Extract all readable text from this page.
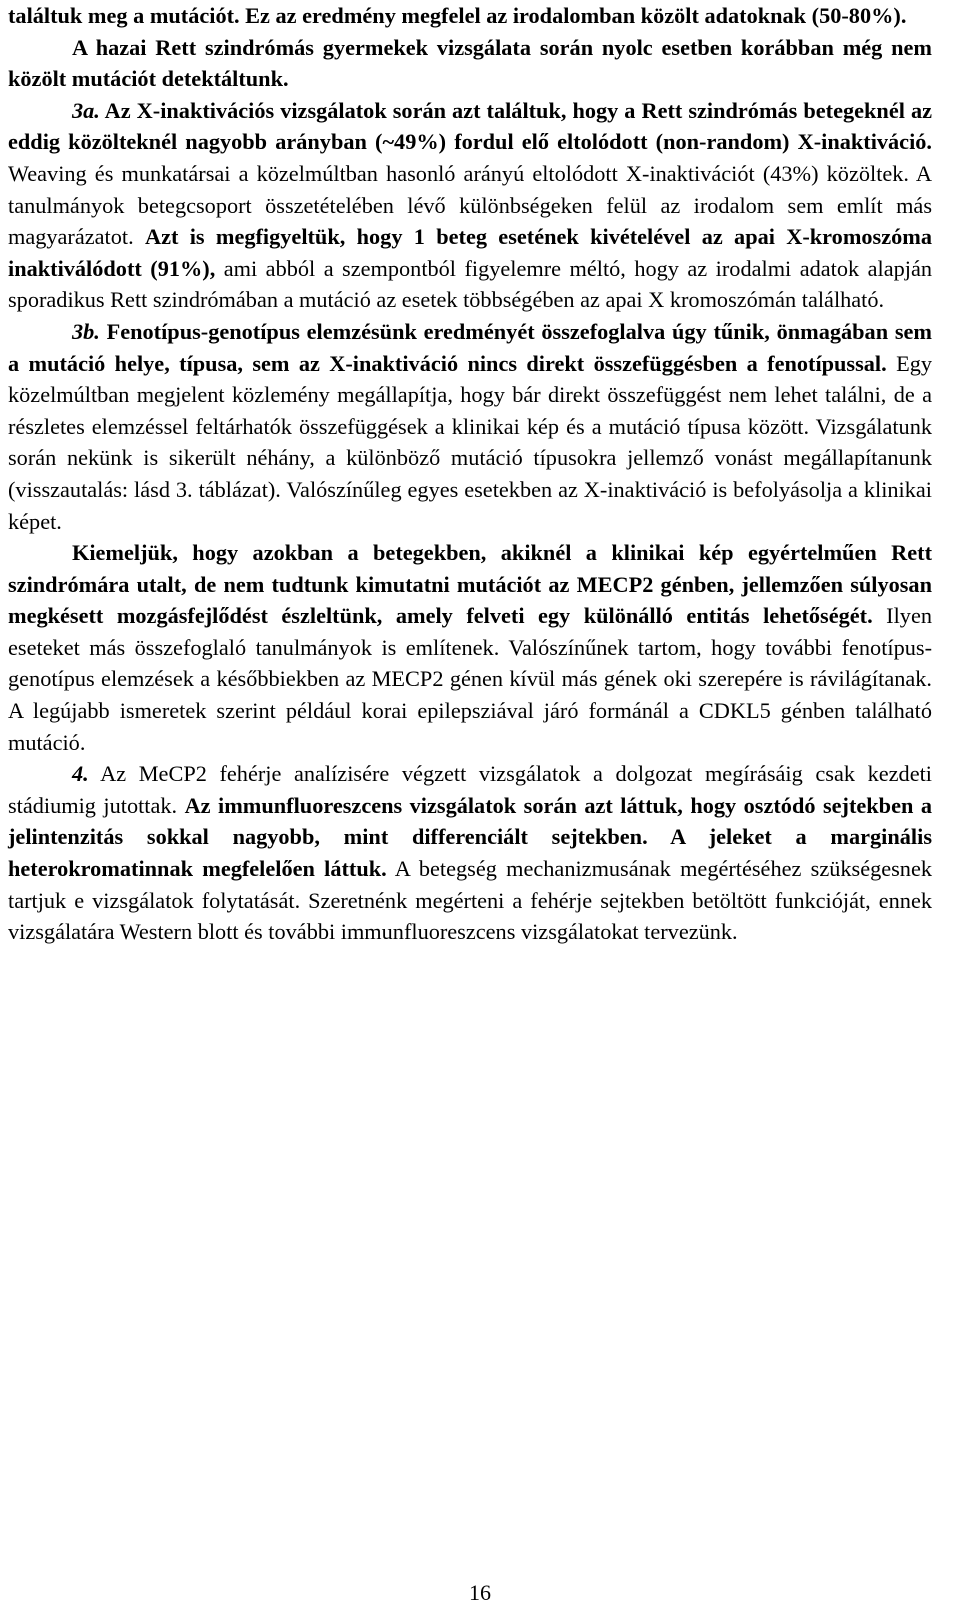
találtuk meg a mutációt. Ez az eredmény megfelel az irodalomban közölt adatoknak (50-80%).

A hazai Rett szindrómás gyermekek vizsgálata során nyolc esetben korábban még nem közölt mutációt detektáltunk.

3a. Az X-inaktivációs vizsgálatok során azt találtuk, hogy a Rett szindrómás betegeknél az eddig közölteknél nagyobb arányban (~49%) fordul elő eltolódott (non-random) X-inaktiváció. Weaving és munkatársai a közelmúltban hasonló arányú eltolódott X-inaktivációt (43%) közöltek. A tanulmányok betegcsoport összetételében lévő különbségeken felül az irodalom sem említ más magyarázatot. Azt is megfigyeltük, hogy 1 beteg esetének kivételével az apai X-kromoszóma inaktiválódott (91%), ami abból a szempontból figyelemre méltó, hogy az irodalmi adatok alapján sporadikus Rett szindrómában a mutáció az esetek többségében az apai X kromoszómán található.

3b. Fenotípus-genotípus elemzésünk eredményét összefoglalva úgy tűnik, önmagában sem a mutáció helye, típusa, sem az X-inaktiváció nincs direkt összefüggésben a fenotípussal. Egy közelmúltban megjelent közlemény megállapítja, hogy bár direkt összefüggést nem lehet találni, de a részletes elemzéssel feltárhatók összefüggések a klinikai kép és a mutáció típusa között. Vizsgálatunk során nekünk is sikerült néhány, a különböző mutáció típusokra jellemző vonást megállapítanunk (visszautalás: lásd 3. táblázat). Valószínűleg egyes esetekben az X-inaktiváció is befolyásolja a klinikai képet.

Kiemeljük, hogy azokban a betegekben, akiknél a klinikai kép egyértelműen Rett szindrómára utalt, de nem tudtunk kimutatni mutációt az MECP2 génben, jellemzően súlyosan megkésett mozgásfejlődést észleltünk, amely felveti egy különálló entitás lehetőségét. Ilyen eseteket más összefoglaló tanulmányok is említenek. Valószínűnek tartom, hogy további fenotípus-genotípus elemzések a későbbiekben az MECP2 génen kívül más gének oki szerepére is rávilágítanak. A legújabb ismeretek szerint például korai epilepsziával járó formánál a CDKL5 génben található mutáció.

4. Az MeCP2 fehérje analízisére végzett vizsgálatok a dolgozat megírásáig csak kezdeti stádiumig jutottak. Az immunfluoreszcens vizsgálatok során azt láttuk, hogy osztódó sejtekben a jelintenzitás sokkal nagyobb, mint differenciált sejtekben. A jeleket a marginális heterokromatinnak megfelelően láttuk. A betegség mechanizmusának megértéséhez szükségesnek tartjuk e vizsgálatok folytatását. Szeretnénk megérteni a fehérje sejtekben betöltött funkcióját, ennek vizsgálatára Western blott és további immunfluoreszcens vizsgálatokat tervezünk.

16
